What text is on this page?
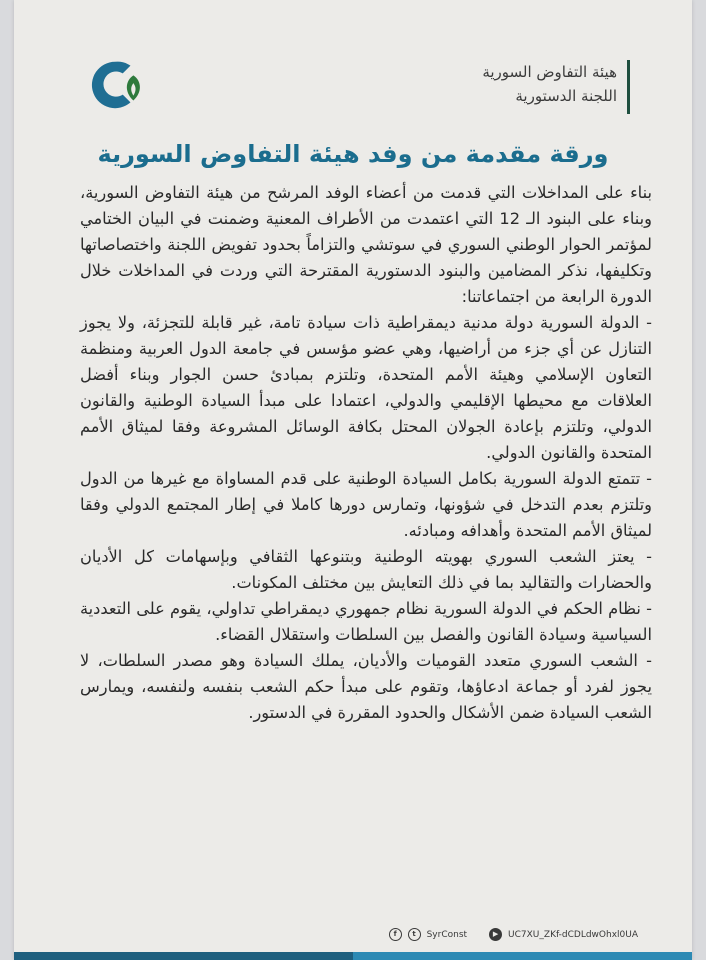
هيئة التفاوض السورية
اللجنة الدستورية
ورقة مقدمة من وفد هيئة التفاوض السورية

بناء على المداخلات التي قدمت من أعضاء الوفد المرشح من هيئة التفاوض السورية، وبناء على البنود الـ 12 التي اعتمدت من الأطراف المعنية وضمنت في البيان الختامي لمؤتمر الحوار الوطني السوري في سوتشي والتزاماً بحدود تفويض اللجنة واختصاصاتها وتكليفها، نذكر المضامين والبنود الدستورية المقترحة التي وردت في المداخلات خلال الدورة الرابعة من اجتماعاتنا:

- الدولة السورية دولة مدنية ديمقراطية ذات سيادة تامة، غير قابلة للتجزئة، ولا يجوز التنازل عن أي جزء من أراضيها، وهي عضو مؤسس في جامعة الدول العربية ومنظمة التعاون الإسلامي وهيئة الأمم المتحدة، وتلتزم بمبادئ حسن الجوار وبناء أفضل العلاقات مع محيطها الإقليمي والدولي، اعتمادا على مبدأ السيادة الوطنية والقانون الدولي، وتلتزم بإعادة الجولان المحتل بكافة الوسائل المشروعة وفقا لميثاق الأمم المتحدة والقانون الدولي.

- تتمتع الدولة السورية بكامل السيادة الوطنية على قدم المساواة مع غيرها من الدول وتلتزم بعدم التدخل في شؤونها، وتمارس دورها كاملا في إطار المجتمع الدولي وفقا لميثاق الأمم المتحدة وأهدافه ومبادئه.

- يعتز الشعب السوري بهويته الوطنية وبتنوعها الثقافي وبإسهامات كل الأديان والحضارات والتقاليد بما في ذلك التعايش بين مختلف المكونات.

- نظام الحكم في الدولة السورية نظام جمهوري ديمقراطي تداولي، يقوم على التعددية السياسية وسيادة القانون والفصل بين السلطات واستقلال القضاء.

- الشعب السوري متعدد القوميات والأديان، يملك السيادة وهو مصدر السلطات، لا يجوز لفرد أو جماعة ادعاؤها، وتقوم على مبدأ حكم الشعب بنفسه ولنفسه، ويمارس الشعب السيادة ضمن الأشكال والحدود المقررة في الدستور.

f	t	SyrConst	▶	UC7XU_ZKf-dCDLdwOhxl0UA
